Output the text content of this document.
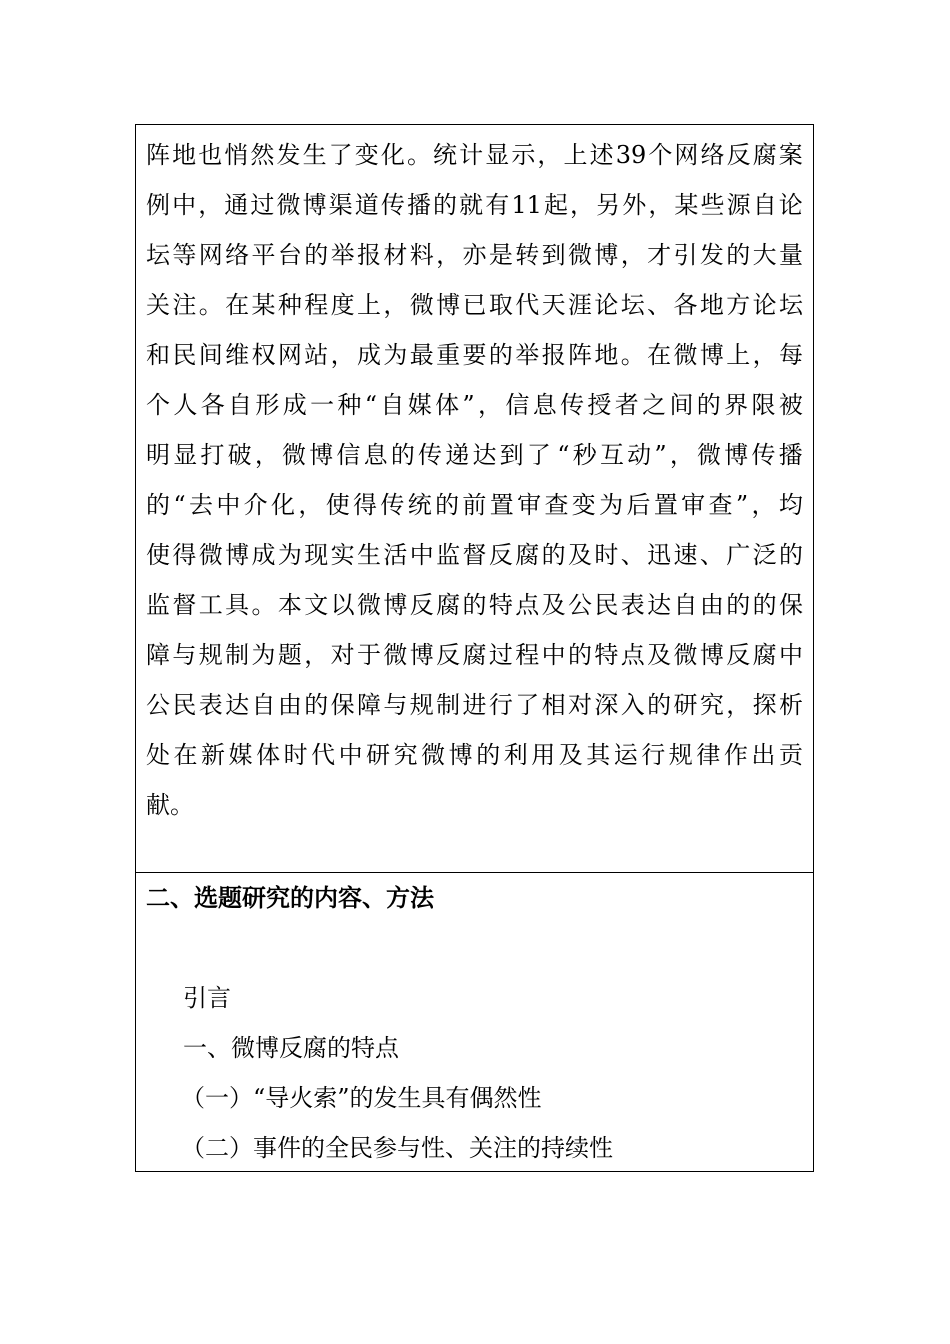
阵 地 也 悄 然 发 生 了 变 化 。 统 计 显 示 ， 上 述 39 个 网 络 反 腐 案
例 中 ， 通 过 微 博 渠 道 传 播 的 就 有 11 起 ， 另 外 ， 某 些 源 自 论
坛 等 网 络 平 台 的 举 报 材 料 ， 亦 是 转 到 微 博 ， 才 引 发 的 大 量
关 注 。 在 某 种 程 度 上 ， 微 博 已 取 代 天 涯 论 坛 、 各 地 方 论 坛
和 民 间 维 权 网 站 ， 成 为 最 重 要 的 举 报 阵 地 。 在 微 博 上 ， 每
个 人 各 自 形 成 一 种 “ 自 媒 体 ” ， 信 息 传 授 者 之 间 的 界 限 被
明 显 打 破 ， 微 博 信 息 的 传 递 达 到 了 “ 秒 互 动 ” ， 微 博 传 播
的 “ 去 中 介 化 ， 使 得 传 统 的 前 置 审 查 变 为 后 置 审 查 ” ， 均
使 得 微 博 成 为 现 实 生 活 中 监 督 反 腐 的 及 时 、 迅 速 、 广 泛 的
监 督 工 具 。 本 文 以 微 博 反 腐 的 特 点 及 公 民 表 达 自 由 的 的 保
障 与 规 制 为 题 ， 对 于 微 博 反 腐 过 程 中 的 特 点 及 微 博 反 腐 中
公 民 表 达 自 由 的 保 障 与 规 制 进 行 了 相 对 深 入 的 研 究 ， 探 析
处 在 新 媒 体 时 代 中 研 究 微 博 的 利 用 及 其 运 行 规 律 作 出 贡
献。
二、选题研究的内容、方法
引言
一、微博反腐的特点
（一）“导火索”的发生具有偶然性
（二）事件的全民参与性、关注的持续性
